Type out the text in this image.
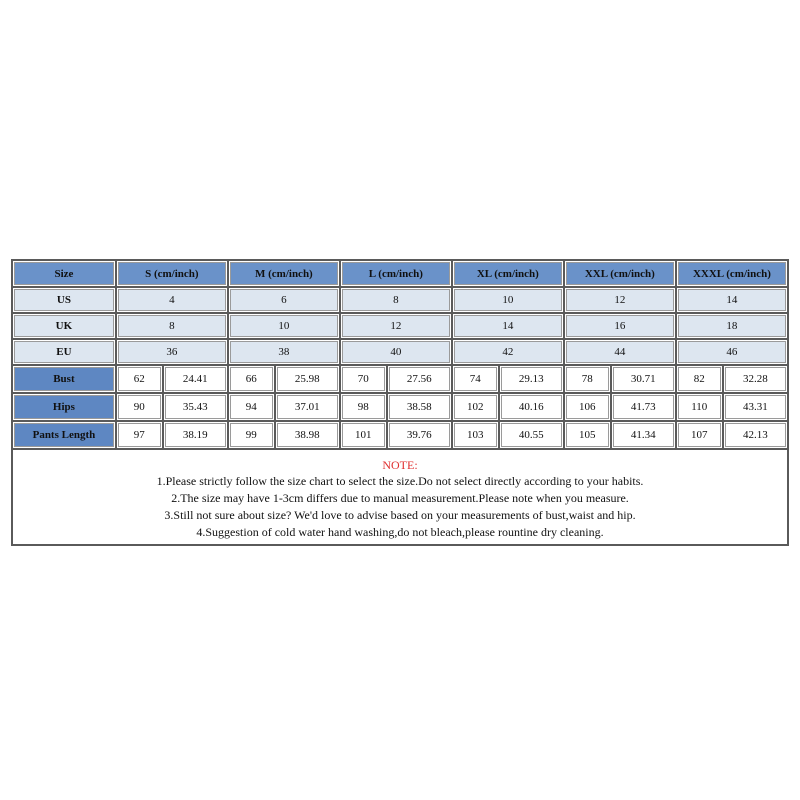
Size	S (cm/inch)		M (cm/inch)		L (cm/inch)		XL (cm/inch)		XXL (cm/inch)		XXXL (cm/inch)	
US	4		6		8		10		12		14	
UK	8		10		12		14		16		18	
EU	36		38		40		42		44		46	
Bust	62	24.41	66	25.98	70	27.56	74	29.13	78	30.71	82	32.28
Hips	90	35.43	94	37.01	98	38.58	102	40.16	106	41.73	110	43.31
Pants Length	97	38.19	99	38.98	101	39.76	103	40.55	105	41.34	107	42.13
NOTE:
1.Please strictly follow the size chart to select the size.Do not select directly according to your habits.
2.The size may have 1-3cm differs due to manual measurement.Please note when you measure.
3.Still not sure about size? We'd love to advise based on your measurements of bust,waist and hip.
4.Suggestion of cold water hand washing,do not bleach,please rountine dry cleaning.
